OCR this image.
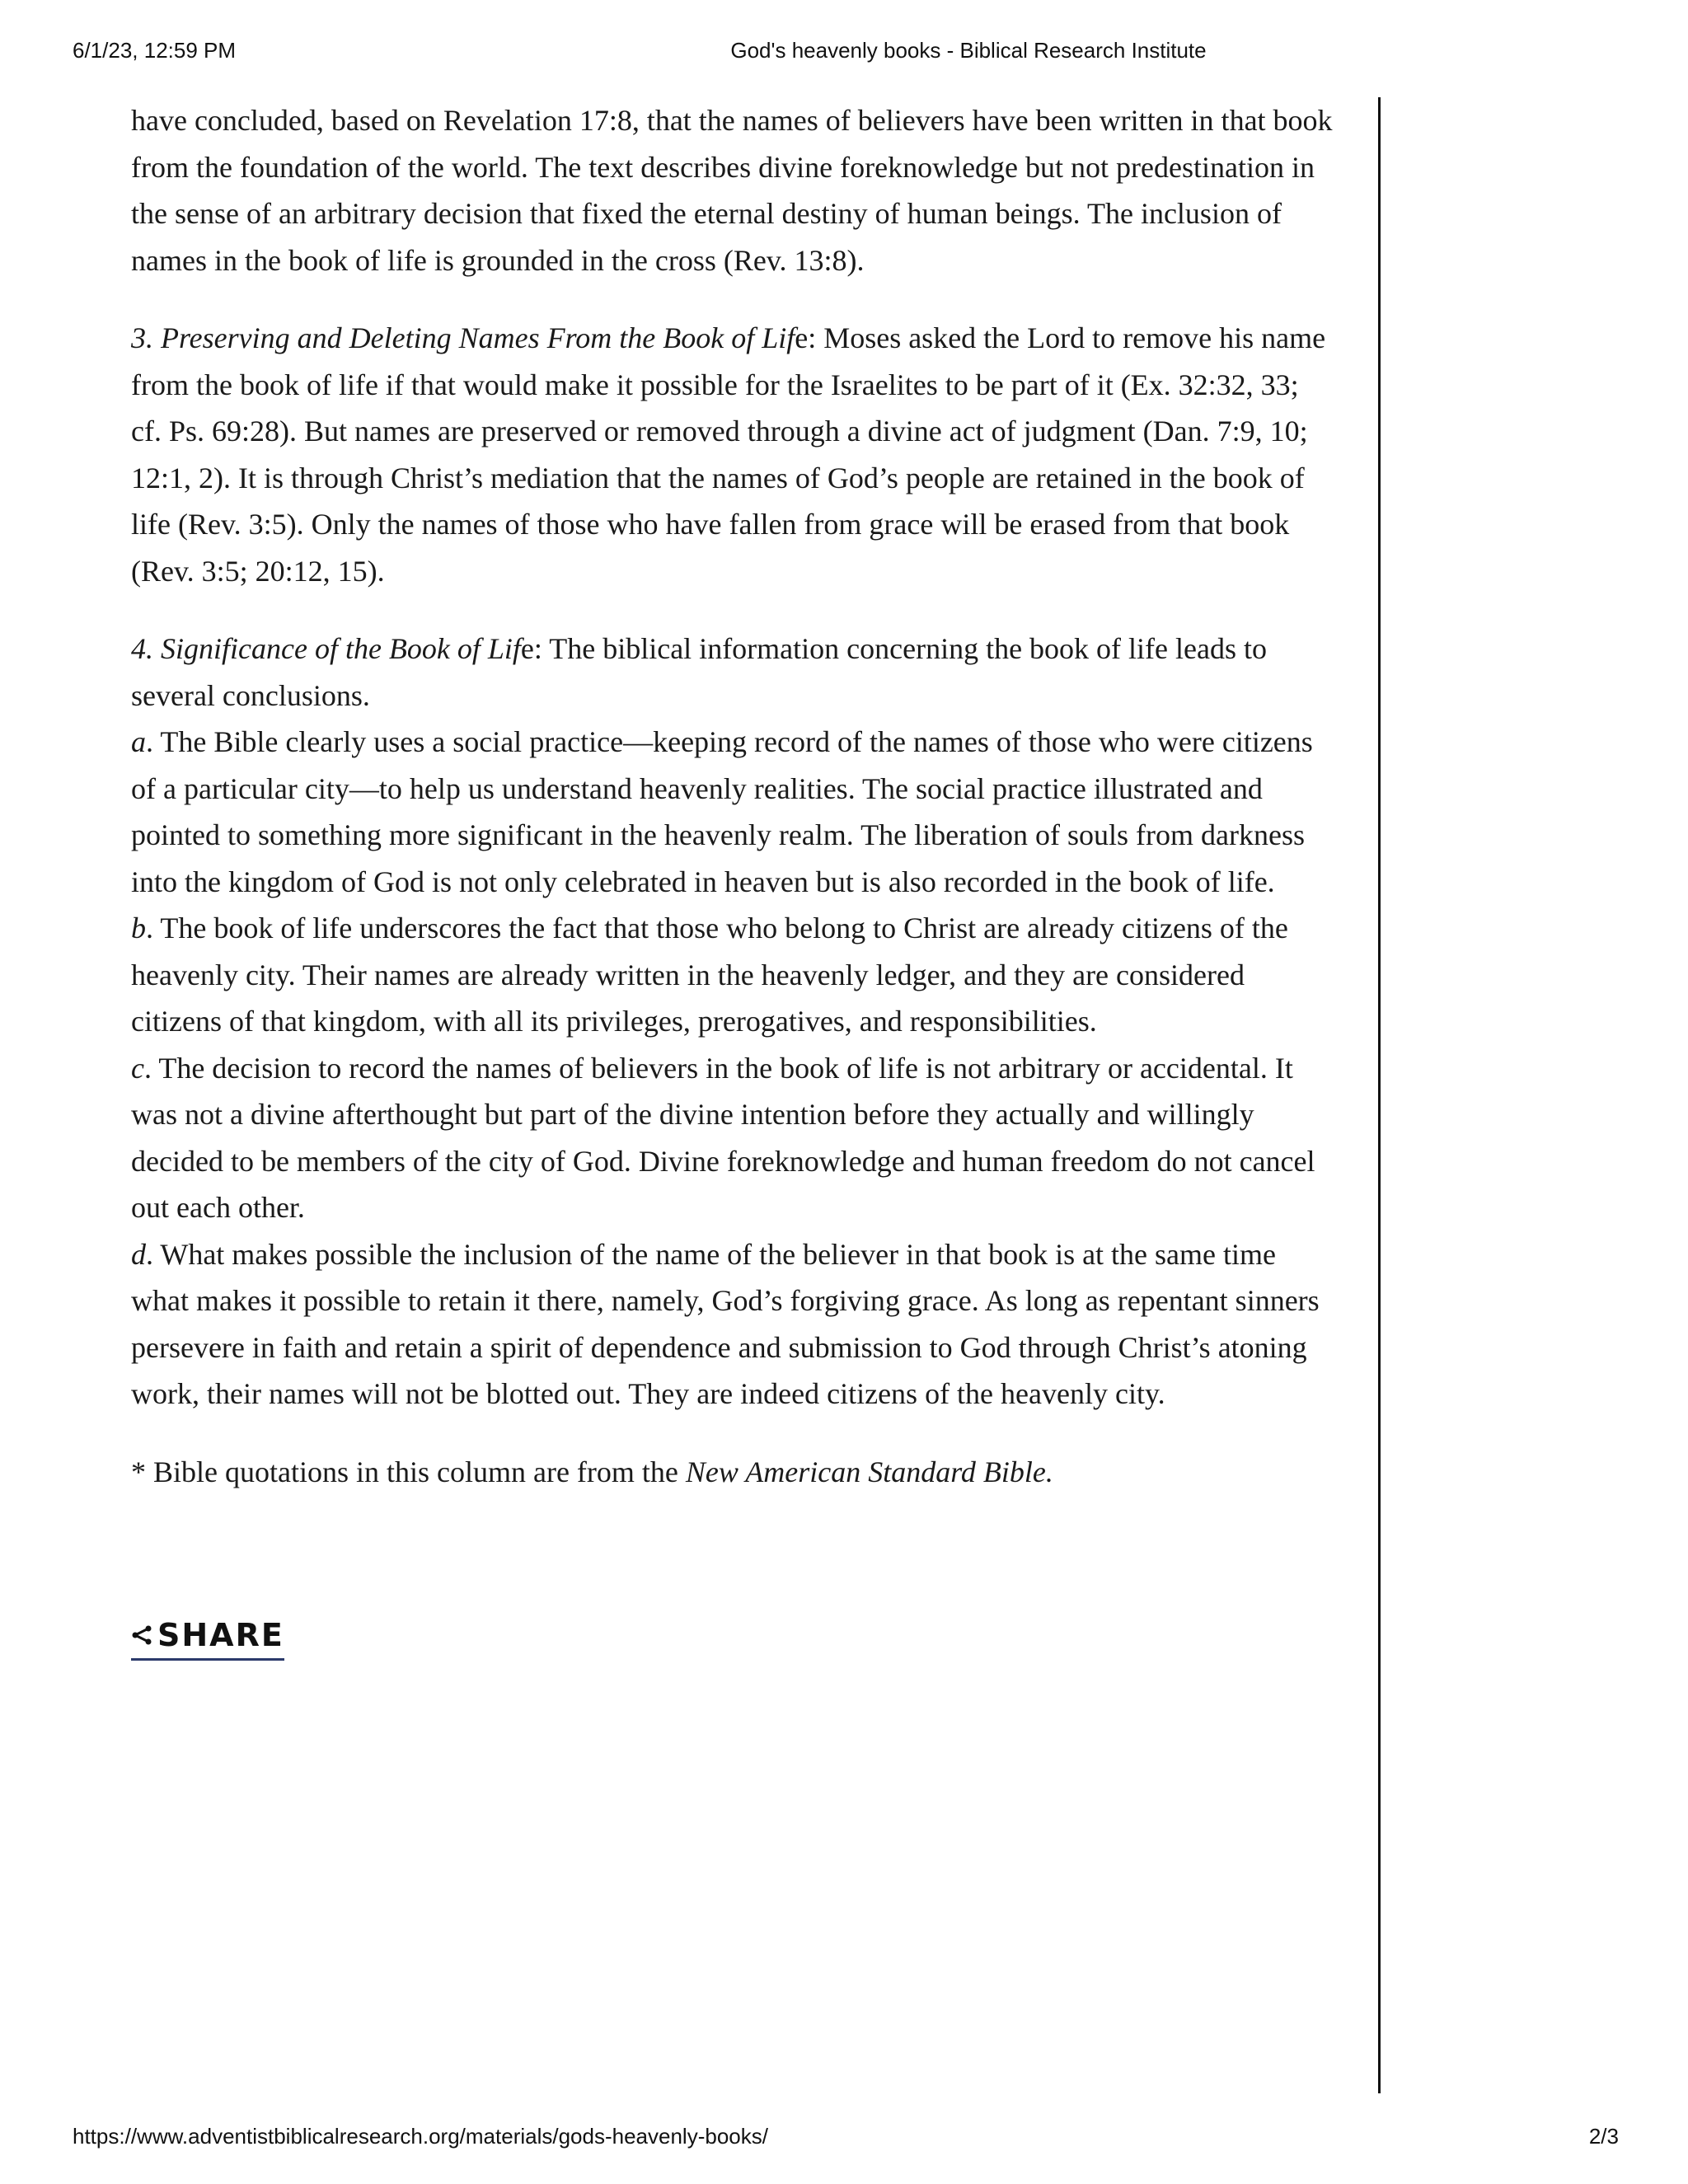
6/1/23, 12:59 PM	God's heavenly books - Biblical Research Institute

have concluded, based on Revelation 17:8, that the names of believers have been written in that book from the foundation of the world. The text describes divine foreknowledge but not predestination in the sense of an arbitrary decision that fixed the eternal destiny of human beings. The inclusion of names in the book of life is grounded in the cross (Rev. 13:8).

3. Preserving and Deleting Names From the Book of Life: Moses asked the Lord to remove his name from the book of life if that would make it possible for the Israelites to be part of it (Ex. 32:32, 33; cf. Ps. 69:28). But names are preserved or removed through a divine act of judgment (Dan. 7:9, 10; 12:1, 2). It is through Christ’s mediation that the names of God’s people are retained in the book of life (Rev. 3:5). Only the names of those who have fallen from grace will be erased from that book (Rev. 3:5; 20:12, 15).

4. Significance of the Book of Life: The biblical information concerning the book of life leads to several conclusions.

a. The Bible clearly uses a social practice—keeping record of the names of those who were citizens of a particular city—to help us understand heavenly realities. The social practice illustrated and pointed to something more significant in the heavenly realm. The liberation of souls from darkness into the kingdom of God is not only celebrated in heaven but is also recorded in the book of life.

b. The book of life underscores the fact that those who belong to Christ are already citizens of the heavenly city. Their names are already written in the heavenly ledger, and they are considered citizens of that kingdom, with all its privileges, prerogatives, and responsibilities.

c. The decision to record the names of believers in the book of life is not arbitrary or accidental. It was not a divine afterthought but part of the divine intention before they actually and willingly decided to be members of the city of God. Divine foreknowledge and human freedom do not cancel out each other.

d. What makes possible the inclusion of the name of the believer in that book is at the same time what makes it possible to retain it there, namely, God’s forgiving grace. As long as repentant sinners persevere in faith and retain a spirit of dependence and submission to God through Christ’s atoning work, their names will not be blotted out. They are indeed citizens of the heavenly city.

* Bible quotations in this column are from the New American Standard Bible.

SHARE
https://www.adventistbiblicalresearch.org/materials/gods-heavenly-books/	2/3
